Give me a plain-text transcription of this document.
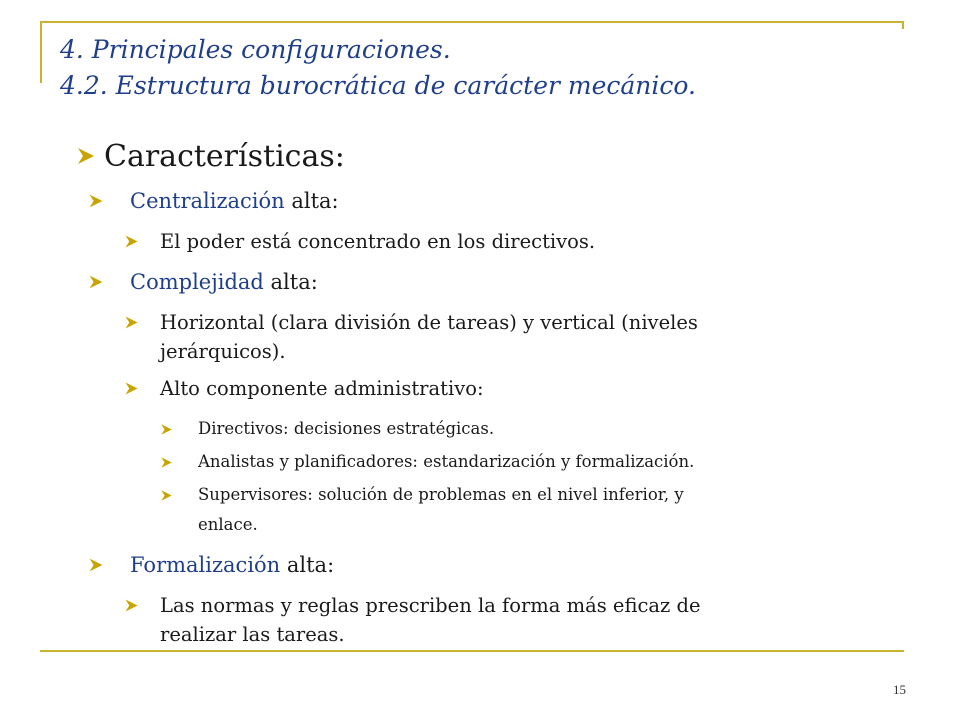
4. Principales configuraciones.
4.2. Estructura burocrática de carácter mecánico.
Características:
Centralización alta:
El poder está concentrado en los directivos.
Complejidad alta:
Horizontal (clara división de tareas) y vertical (niveles
jerárquicos).
Alto componente administrativo:
Directivos: decisiones estratégicas.
Analistas y planificadores: estandarización y formalización.
Supervisores: solución de problemas en el nivel inferior, y
enlace.
Formalización alta:
Las normas y reglas prescriben la forma más eficaz de
realizar las tareas.
15
